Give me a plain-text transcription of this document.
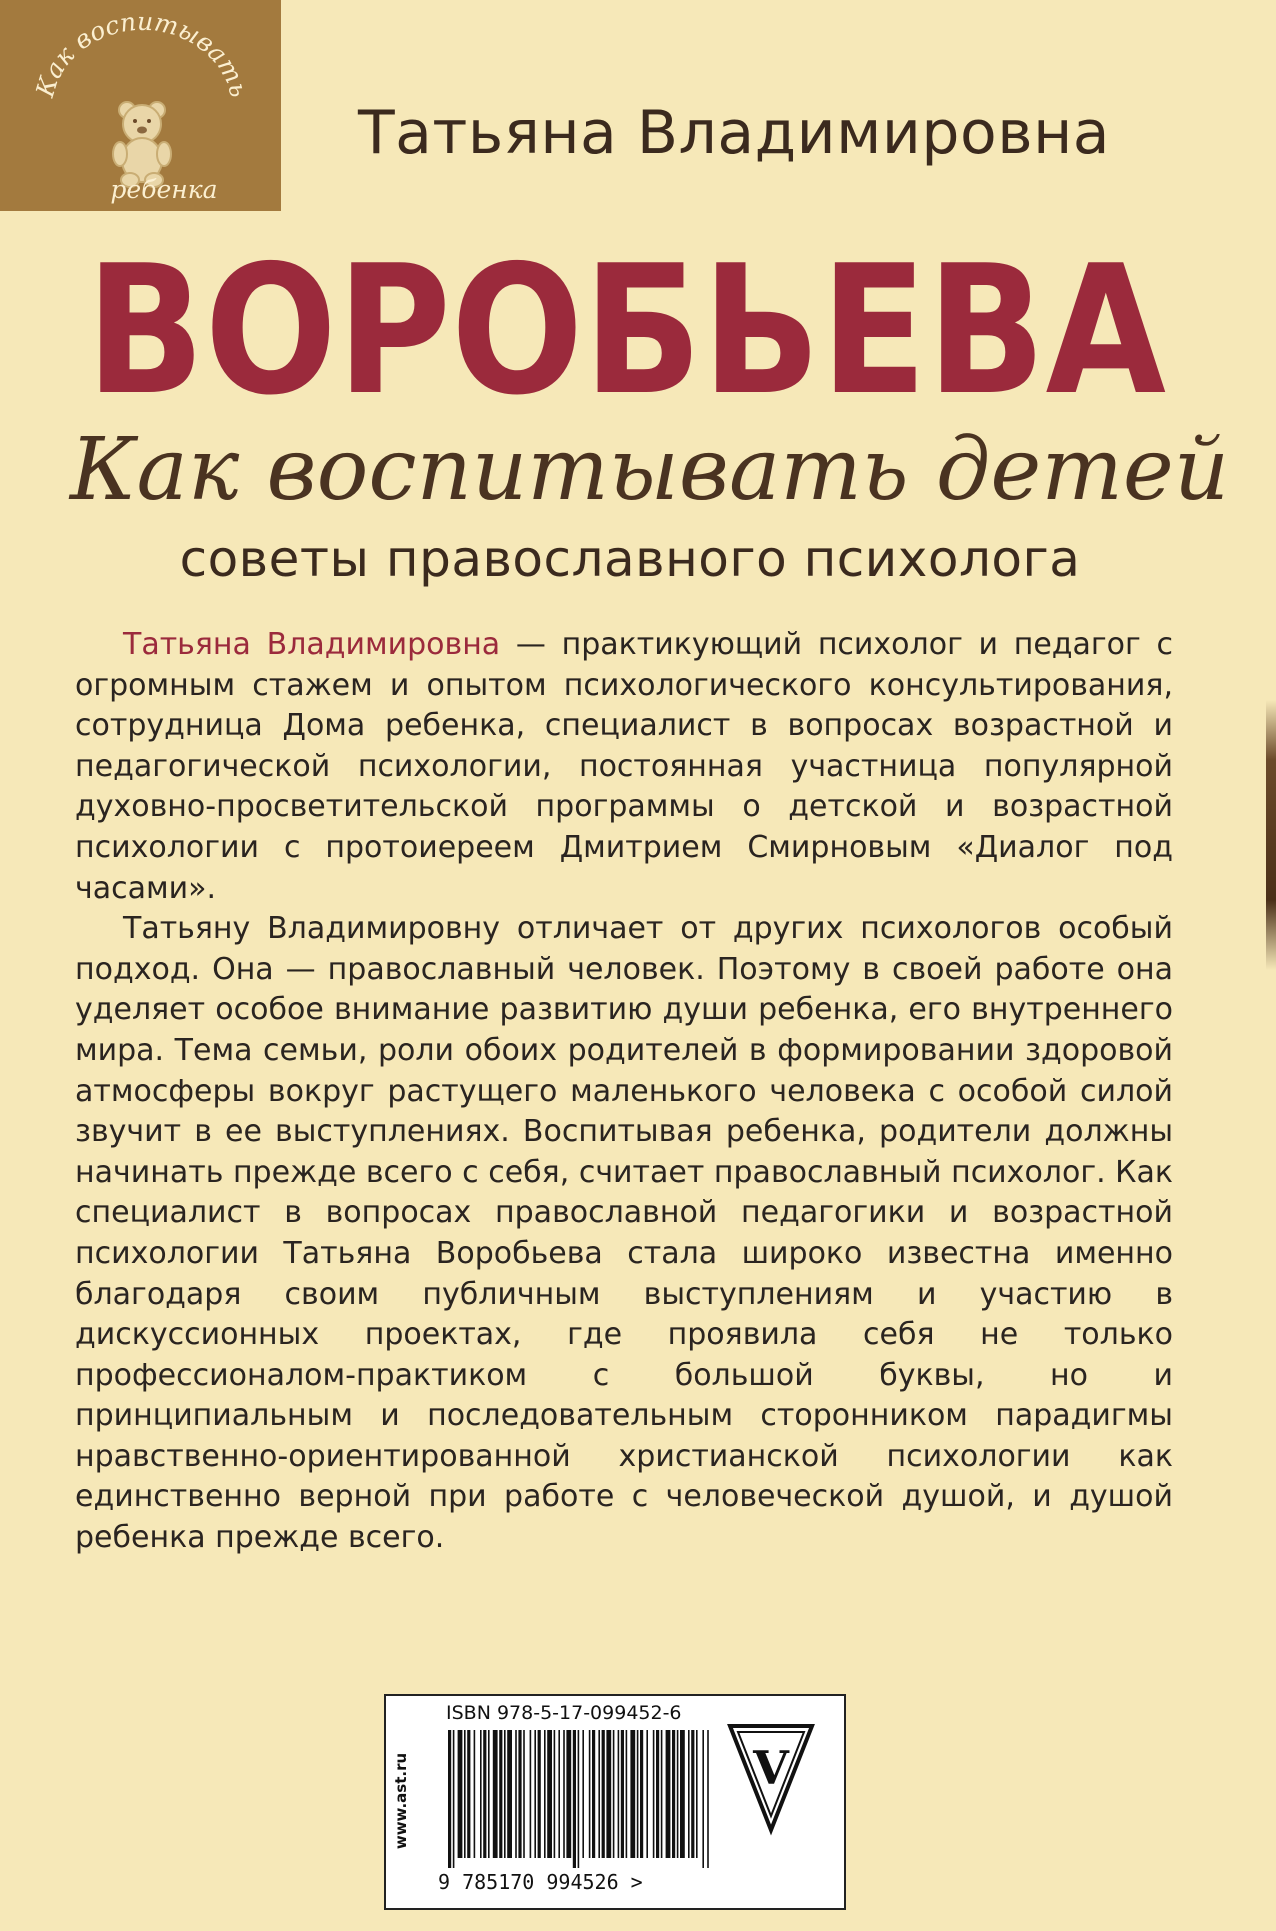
Как воспитывать
ребенка
Татьяна Владимировна
ВОРОБЬЕВА
Как воспитывать детей
советы православного психолога

Татьяна Владимировна — практикующий психолог и педагог с огромным стажем и опытом психологического консультирования, сотрудница Дома ребенка, специалист в вопросах возрастной и педагогической психологии, постоянная участница популярной духовно-просветительской программы о детской и возрастной психологии с протоиереем Дмитрием Смирновым «Диалог под часами».

Татьяну Владимировну отличает от других психологов особый подход. Она — православный человек. Поэтому в своей работе она уделяет особое внимание развитию души ребенка, его внутреннего мира. Тема семьи, роли обоих родителей в формировании здоровой атмосферы вокруг растущего маленького человека с особой силой звучит в ее выступлениях. Воспитывая ребенка, родители должны начинать прежде всего с себя, считает православный психолог. Как специалист в вопросах православной педагогики и возрастной психологии Татьяна Воробьева стала широко известна именно благодаря своим публичным выступлениям и участию в дискуссионных проектах, где проявила себя не только профессионалом-практиком с большой буквы, но и принципиальным и последовательным сторонником парадигмы нравственно-ориентированной христианской психологии как единственно верной при работе с человеческой душой, и душой ребенка прежде всего.

www.ast.ru
ISBN 978-5-17-099452-6
9 785170 994526 >
V
